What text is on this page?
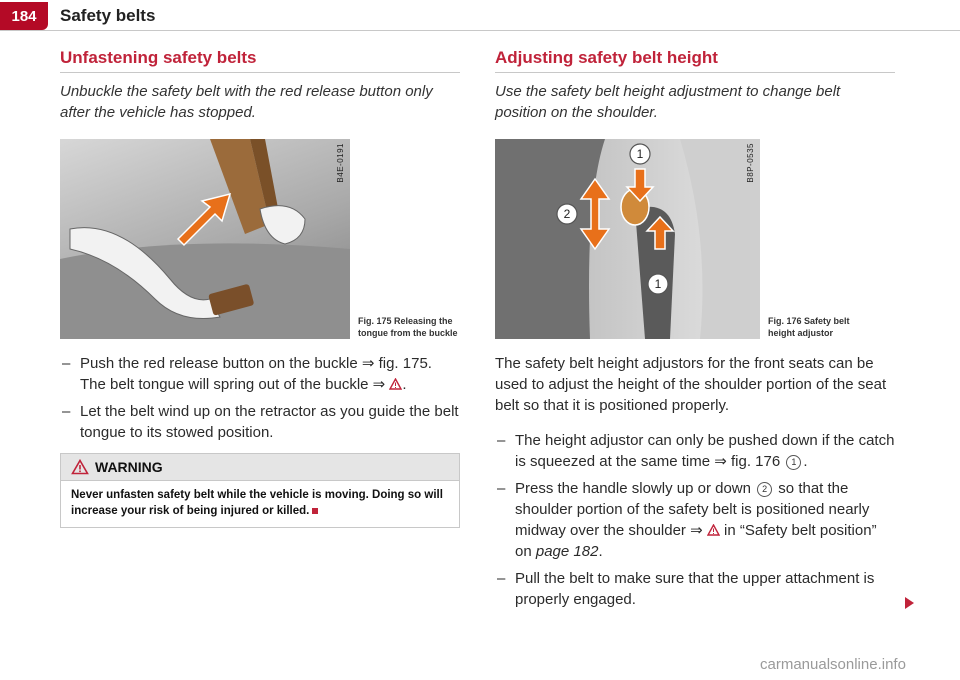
184	Safety belts
Unfastening safety belts

Unbuckle the safety belt with the red release button only after the vehicle has stopped.

B4E-0191
Fig. 175 Releasing the tongue from the buckle
– Push the red release button on the buckle ⇒ fig. 175. The belt tongue will spring out of the buckle ⇒ .
– Let the belt wind up on the retractor as you guide the belt tongue to its stowed position.
WARNING
Never unfasten safety belt while the vehicle is moving. Doing so will increase your risk of being injured or killed.
Adjusting safety belt height

Use the safety belt height adjustment to change belt position on the shoulder.

1
2
1
B8P-0535
Fig. 176 Safety belt height adjustor

The safety belt height adjustors for the front seats can be used to adjust the height of the shoulder portion of the seat belt so that it is positioned properly.

– The height adjustor can only be pushed down if the catch is squeezed at the same time ⇒ fig. 176 1 .
– Press the handle slowly up or down 2 so that the shoulder portion of the safety belt is positioned nearly midway over the shoulder ⇒  in “Safety belt position” on page 182.
– Pull the belt to make sure that the upper attachment is properly engaged.
carmanualsonline.info
